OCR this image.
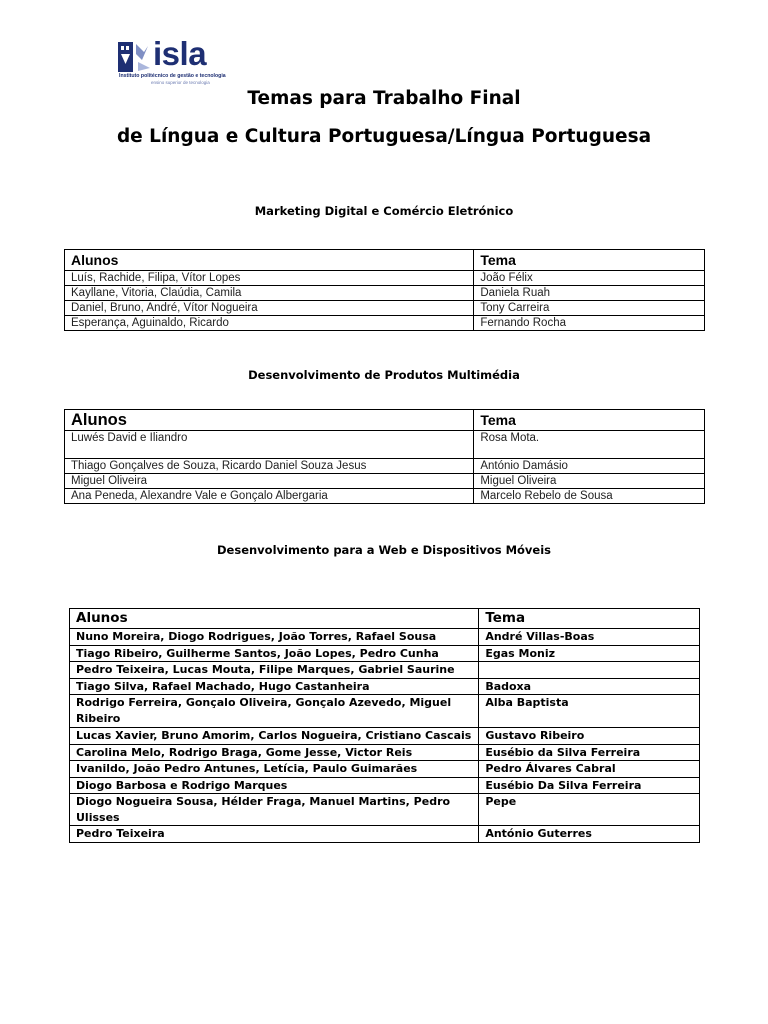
isla
Instituto politécnico de gestão e tecnologia
ensino superior de tecnologia
Temas para Trabalho Final
de Língua e Cultura Portuguesa/Língua Portuguesa
Marketing Digital e Comércio Eletrónico
Alunos	Tema
Luís, Rachide, Filipa, Vítor Lopes	João Félix
Kayllane, Vitoria, Claúdia, Camila	Daniela Ruah
Daniel, Bruno, André, Vítor Nogueira	Tony Carreira
Esperança, Aguinaldo, Ricardo	Fernando Rocha
Desenvolvimento de Produtos Multimédia
Alunos	Tema
Luwés David e Iliandro	Rosa Mota.
Thiago Gonçalves de Souza, Ricardo Daniel Souza Jesus	António Damásio
Miguel Oliveira	Miguel Oliveira
Ana Peneda, Alexandre Vale e Gonçalo Albergaria	Marcelo Rebelo de Sousa
Desenvolvimento para a Web e Dispositivos Móveis
Alunos	Tema
Nuno Moreira, Diogo Rodrigues, João Torres, Rafael Sousa	André Villas-Boas
Tiago Ribeiro, Guilherme Santos, João Lopes, Pedro Cunha	Egas Moniz
Pedro Teixeira, Lucas Mouta, Filipe Marques, Gabriel Saurine	
Tiago Silva, Rafael Machado, Hugo Castanheira	Badoxa
Rodrigo Ferreira, Gonçalo Oliveira, Gonçalo Azevedo, Miguel Ribeiro	Alba Baptista
Lucas Xavier, Bruno Amorim, Carlos Nogueira, Cristiano Cascais	Gustavo Ribeiro
Carolina Melo, Rodrigo Braga, Gome Jesse, Victor Reis	Eusébio da Silva Ferreira
Ivanildo, João Pedro Antunes, Letícia, Paulo Guimarães	Pedro Álvares Cabral
Diogo Barbosa e Rodrigo Marques	Eusébio Da Silva Ferreira
Diogo Nogueira Sousa, Hélder Fraga, Manuel Martins, Pedro Ulisses	Pepe
Pedro Teixeira	António Guterres
